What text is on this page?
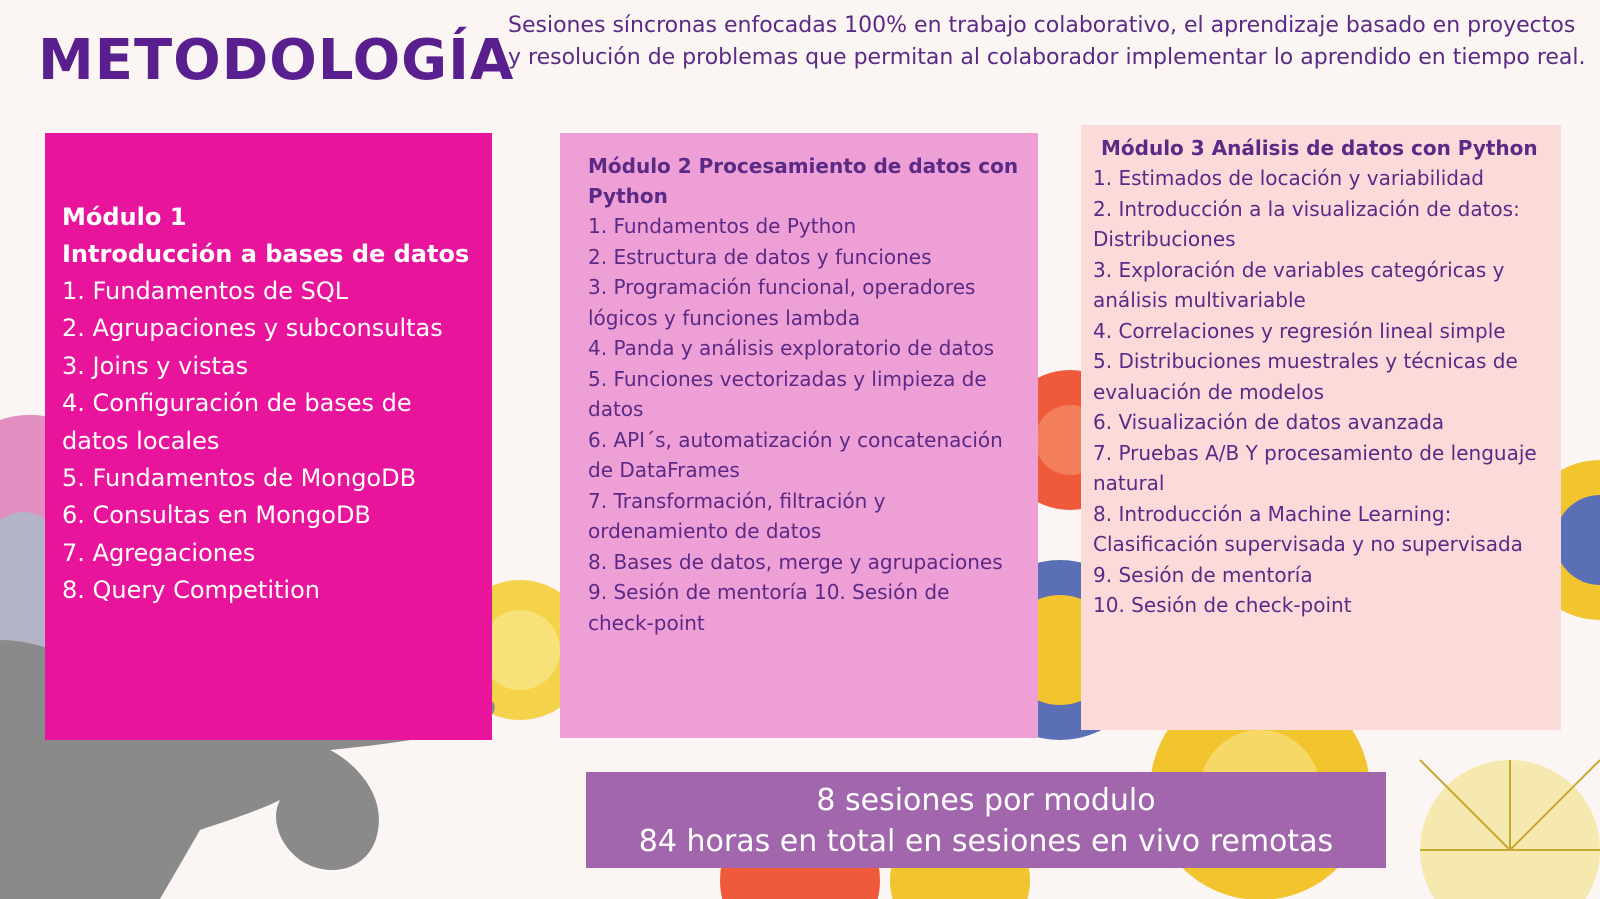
METODOLOGÍA

Sesiones síncronas enfocadas 100% en trabajo colaborativo, el aprendizaje basado en proyectos y resolución de problemas que permitan al colaborador implementar lo aprendido en tiempo real.

Módulo 1
Introducción a bases de datos
1. Fundamentos de SQL
2. Agrupaciones y subconsultas
3. Joins y vistas
4. Configuración de bases de datos locales
5. Fundamentos de MongoDB
6. Consultas en MongoDB
7. Agregaciones
8. Query Competition
Módulo 2 Procesamiento de datos con Python
1. Fundamentos de Python
2. Estructura de datos y funciones
3. Programación funcional, operadores lógicos y funciones lambda
4. Panda y análisis exploratorio de datos
5. Funciones vectorizadas y limpieza de datos
6. API´s, automatización y concatenación de DataFrames
7. Transformación, filtración y ordenamiento de datos
8. Bases de datos, merge y agrupaciones
9. Sesión de mentoría 10. Sesión de check-point
Módulo 3 Análisis de datos con Python
1. Estimados de locación y variabilidad
2. Introducción a la visualización de datos: Distribuciones
3. Exploración de variables categóricas y análisis multivariable
4. Correlaciones y regresión lineal simple
5. Distribuciones muestrales y técnicas de evaluación de modelos
6. Visualización de datos avanzada
7. Pruebas A/B Y procesamiento de lenguaje natural
8. Introducción a Machine Learning: Clasificación supervisada y no supervisada
9. Sesión de mentoría
10. Sesión de check-point
8 sesiones por modulo
84 horas en total en sesiones en vivo remotas
